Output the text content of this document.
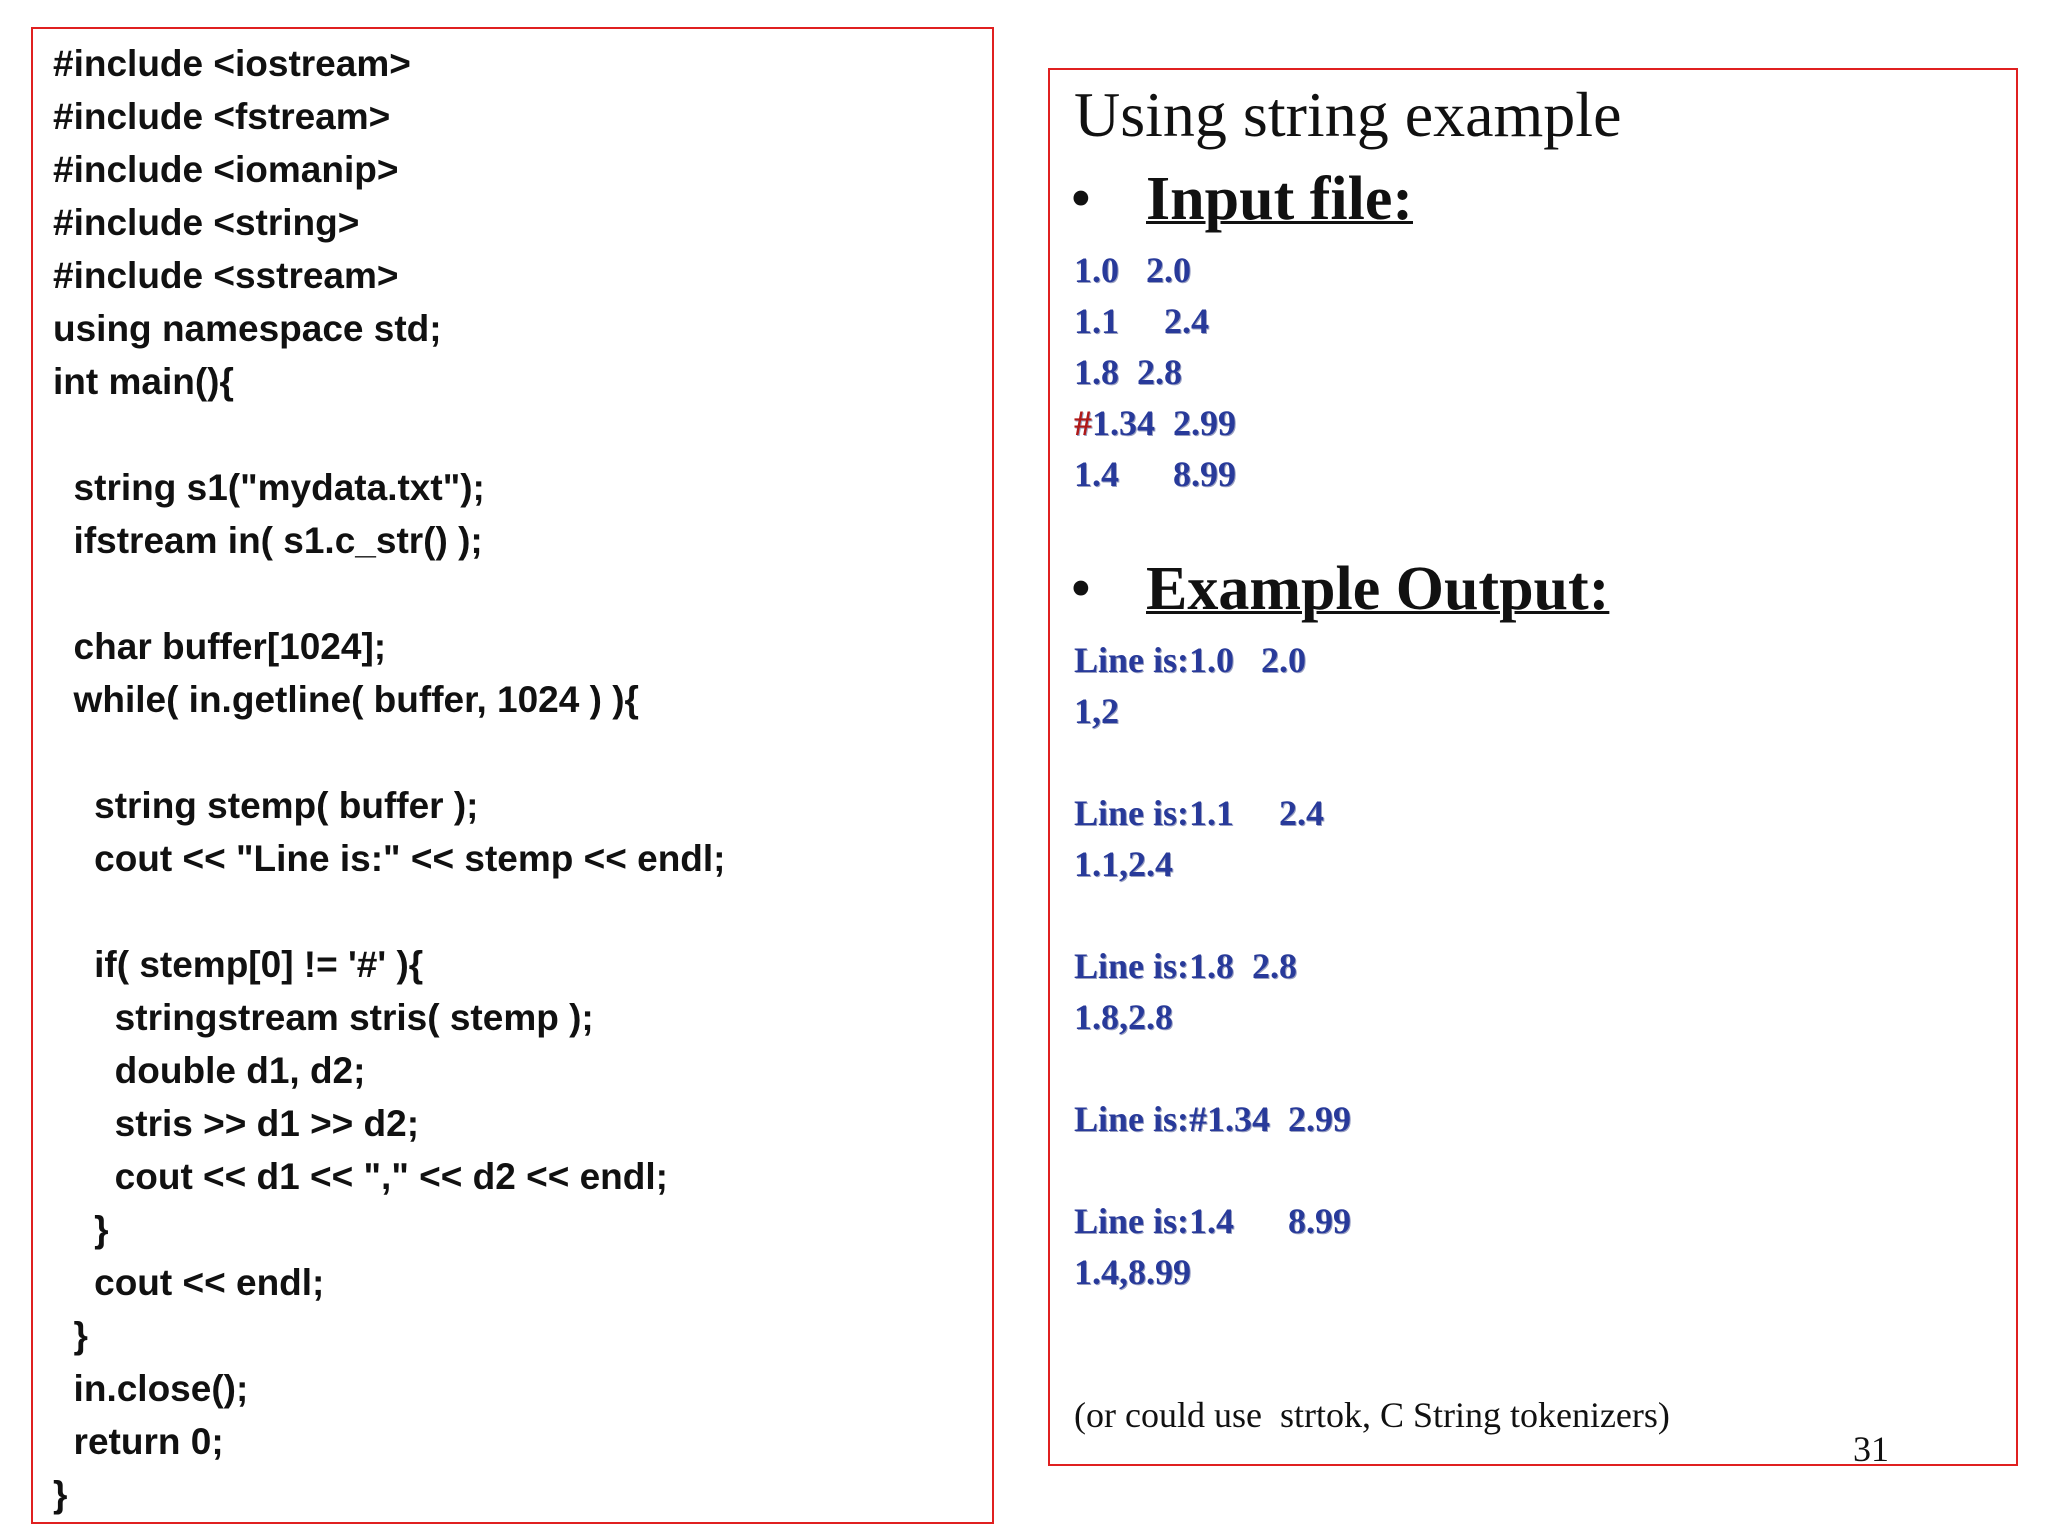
#include <iostream>
#include <fstream>
#include <iomanip>
#include <string>
#include <sstream>
using namespace std;
int main(){

string s1("mydata.txt");
ifstream in( s1.c_str() );

char buffer[1024];
while( in.getline( buffer, 1024 ) ){

string stemp( buffer );
cout << "Line is:" << stemp << endl;

if( stemp[0] != '#' ){
stringstream stris( stemp );
double d1, d2;
stris >> d1 >> d2;
cout << d1 << "," << d2 << endl;
}
cout << endl;
}
in.close();
return 0;
}
Using string example
• Input file:
1.0   2.0
1.1     2.4
1.8  2.8
#1.34  2.99
1.4      8.99
• Example Output:
Line is:1.0   2.0
1,2

Line is:1.1     2.4
1.1,2.4

Line is:1.8  2.8
1.8,2.8

Line is:#1.34  2.99

Line is:1.4      8.99
1.4,8.99
(or could use  strtok, C String tokenizers)
31
